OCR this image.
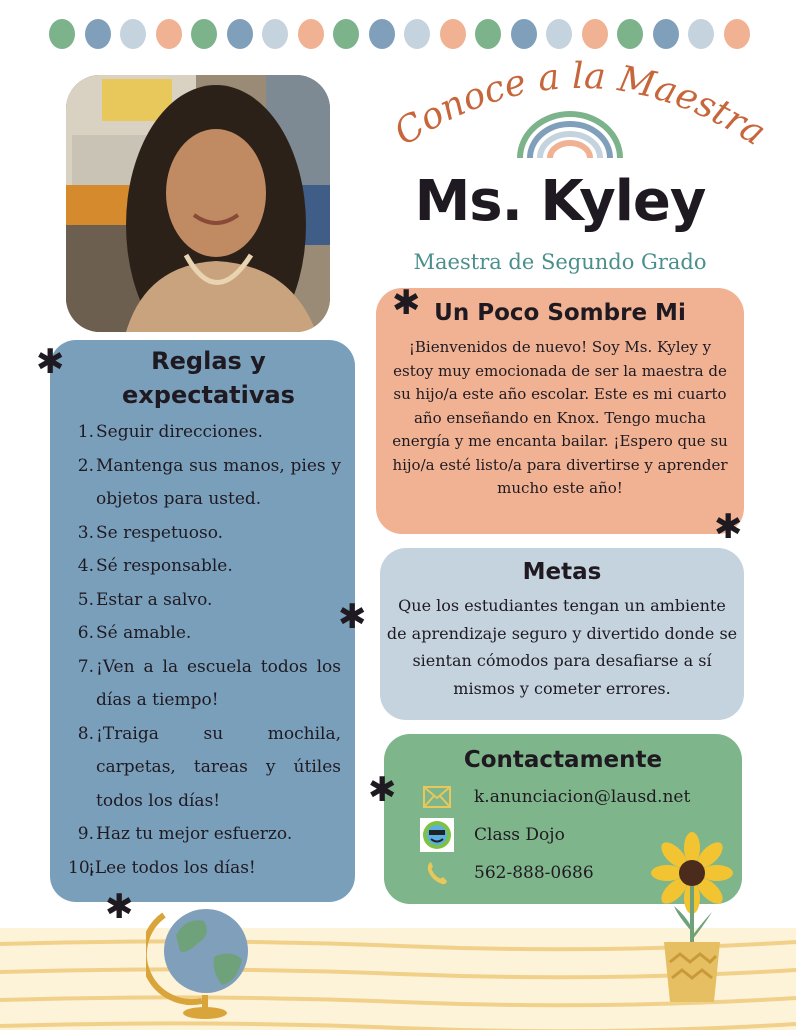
Conoce a la Maestra
Ms. Kyley

Maestra de Segundo Grado

Reglas y expectativas
1. Seguir direcciones.
2. Mantenga sus manos, pies y objetos para usted.
3. Se respetuoso.
4. Sé responsable.
5. Estar a salvo.
6. Sé amable.
7. ¡Ven a la escuela todos los días a tiempo!
8. ¡Traiga su mochila, carpetas, tareas y útiles todos los días!
9. Haz tu mejor esfuerzo.
10.
¡Lee todos los días!
Un Poco Sombre Mi

¡Bienvenidos de nuevo! Soy Ms. Kyley y estoy muy emocionada de ser la maestra de su hijo/a este año escolar. Este es mi cuarto año enseñando en Knox. Tengo mucha energía y me encanta bailar. ¡Espero que su hijo/a esté listo/a para divertirse y aprender mucho este año!

Metas

Que los estudiantes tengan un ambiente de aprendizaje seguro y divertido donde se sientan cómodos para desafiarse a sí mismos y cometer errores.

Contactamente
k.anunciacion@lausd.net
Class Dojo
562-888-0686
✱
✱
✱
✱
✱
✱
